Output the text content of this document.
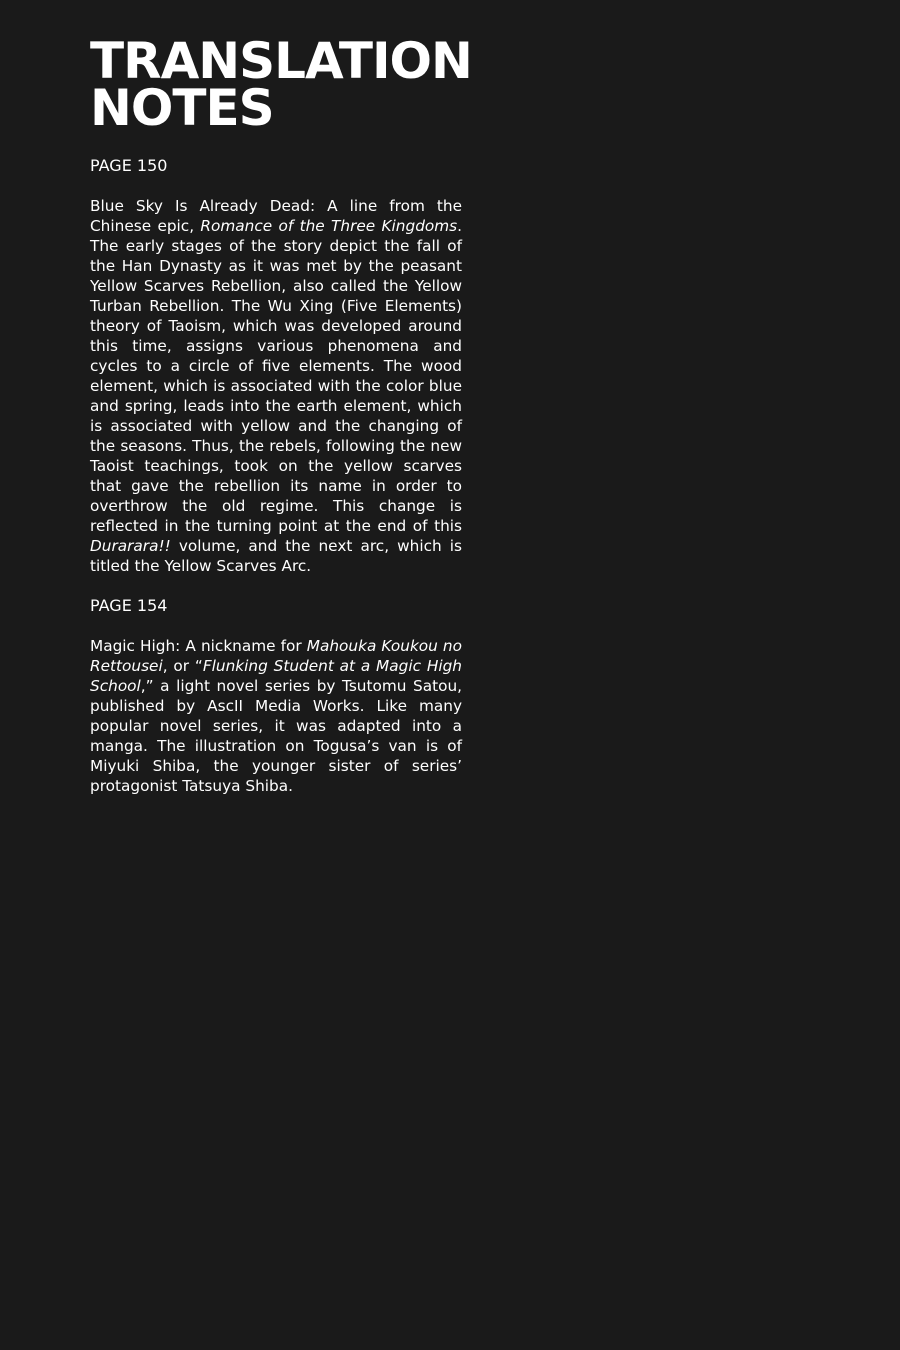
TRANSLATION
NOTES

PAGE 150

Blue Sky Is Already Dead: A line from the Chinese epic, Romance of the Three Kingdoms. The early stages of the story depict the fall of the Han Dynasty as it was met by the peasant Yellow Scarves Rebellion, also called the Yellow Turban Rebellion. The Wu Xing (Five Elements) theory of Taoism, which was developed around this time, assigns various phenomena and cycles to a circle of five elements. The wood element, which is associated with the color blue and spring, leads into the earth element, which is associated with yellow and the changing of the seasons. Thus, the rebels, following the new Taoist teachings, took on the yellow scarves that gave the rebellion its name in order to overthrow the old regime. This change is reflected in the turning point at the end of this Durarara!! volume, and the next arc, which is titled the Yellow Scarves Arc.

PAGE 154

Magic High: A nickname for Mahouka Koukou no Rettousei, or “Flunking Student at a Magic High School,” a light novel series by Tsutomu Satou, published by AscII Media Works. Like many popular novel series, it was adapted into a manga. The illustration on Togusa’s van is of Miyuki Shiba, the younger sister of series’ protagonist Tatsuya Shiba.
